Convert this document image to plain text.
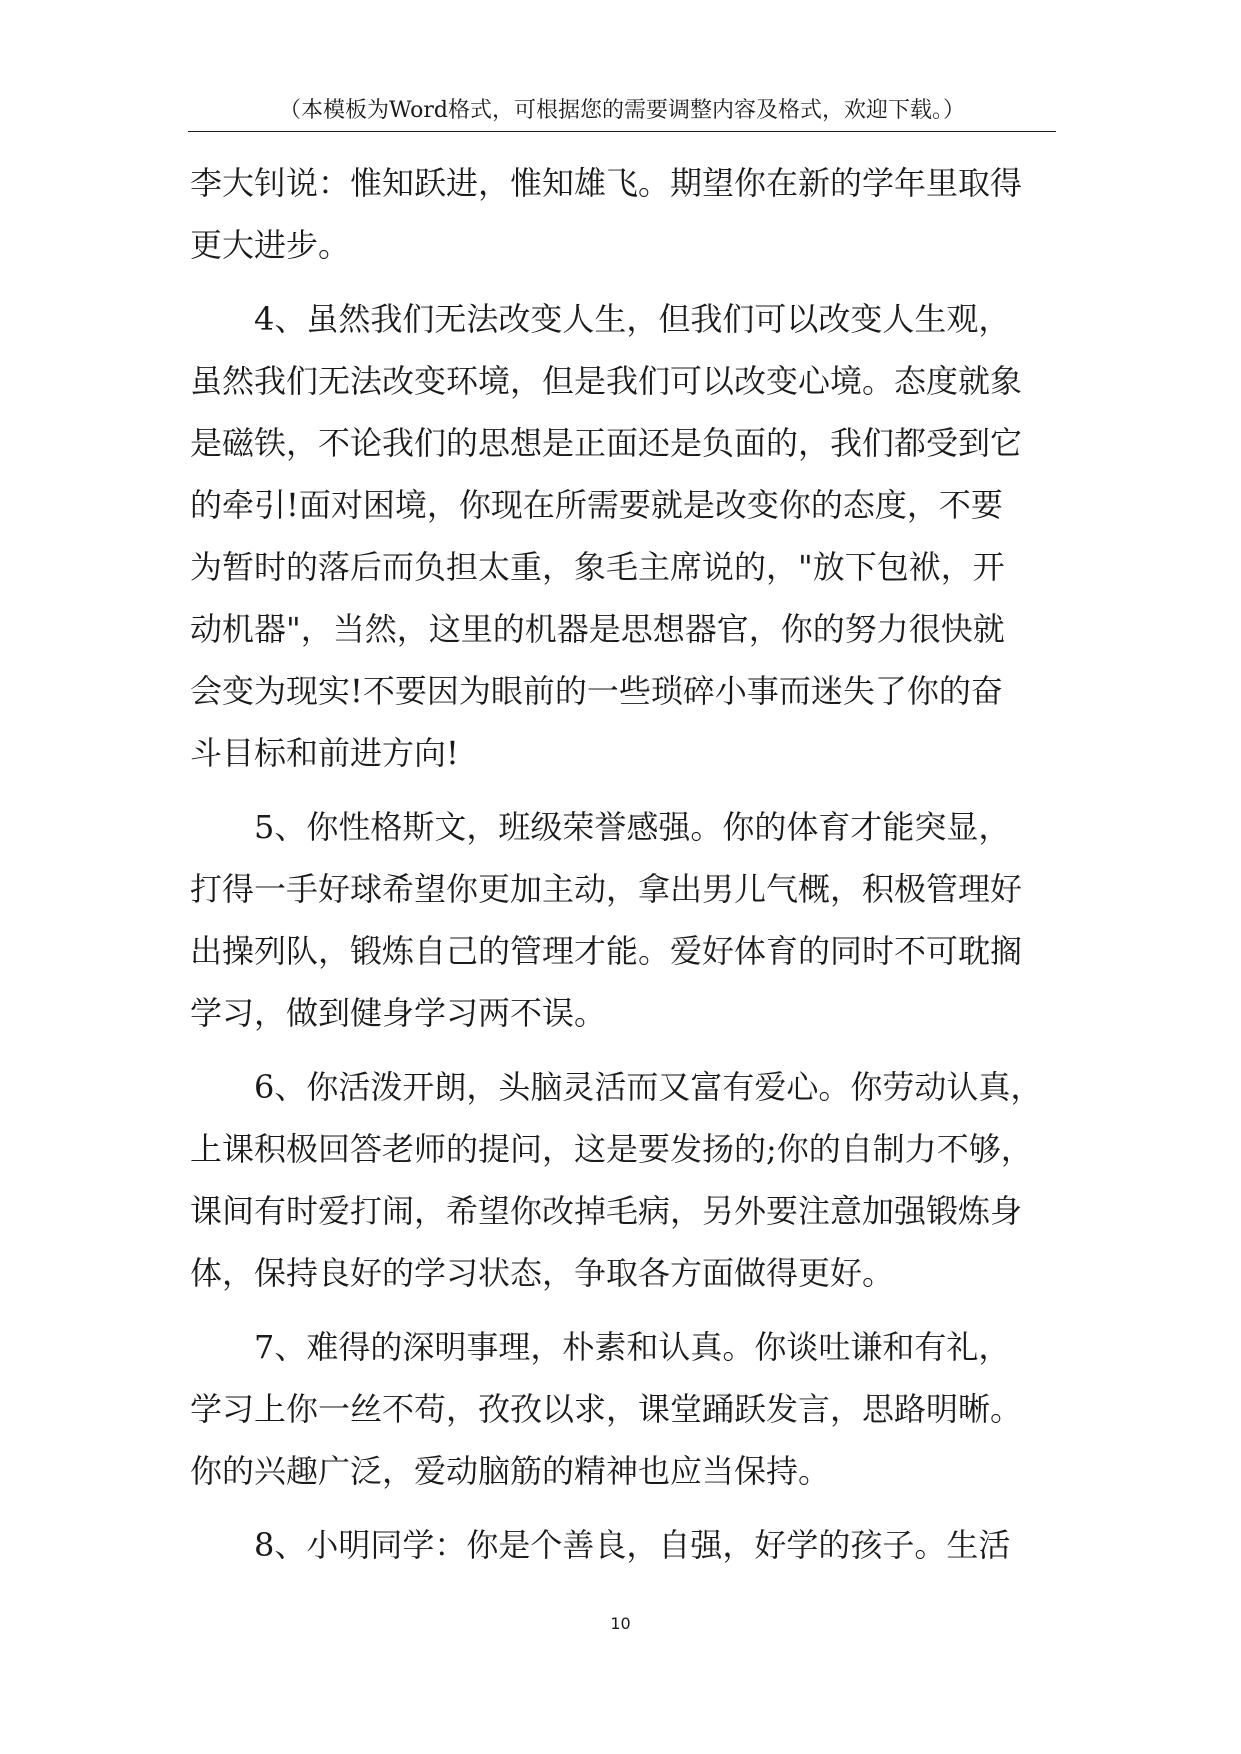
（本模板为Word格式，可根据您的需要调整内容及格式，欢迎下载。）
李大钊说：惟知跃进，惟知雄飞。期望你在新的学年里取得
更大进步。
4、虽然我们无法改变人生，但我们可以改变人生观，
虽然我们无法改变环境，但是我们可以改变心境。态度就象
是磁铁，不论我们的思想是正面还是负面的，我们都受到它
的牵引!面对困境，你现在所需要就是改变你的态度，不要
为暂时的落后而负担太重，象毛主席说的，"放下包袱，开
动机器"，当然，这里的机器是思想器官，你的努力很快就
会变为现实!不要因为眼前的一些琐碎小事而迷失了你的奋
斗目标和前进方向!
5、你性格斯文，班级荣誉感强。你的体育才能突显，
打得一手好球希望你更加主动，拿出男儿气概，积极管理好
出操列队，锻炼自己的管理才能。爱好体育的同时不可耽搁
学习，做到健身学习两不误。
6、你活泼开朗，头脑灵活而又富有爱心。你劳动认真，
上课积极回答老师的提问，这是要发扬的;你的自制力不够，
课间有时爱打闹，希望你改掉毛病，另外要注意加强锻炼身
体，保持良好的学习状态，争取各方面做得更好。
7、难得的深明事理，朴素和认真。你谈吐谦和有礼，
学习上你一丝不苟，孜孜以求，课堂踊跃发言，思路明晰。
你的兴趣广泛，爱动脑筋的精神也应当保持。
8、小明同学：你是个善良，自强，好学的孩子。生活
10
